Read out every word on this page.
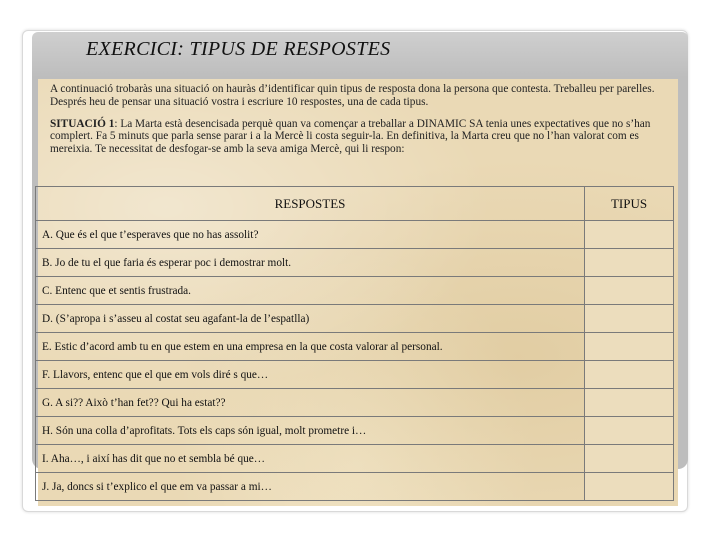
EXERCICI: TIPUS DE RESPOSTES

A continuació trobaràs una situació on hauràs d’identificar quin tipus de resposta dona la persona que contesta. Treballeu per parelles. Després heu de pensar una situació vostra i escriure 10 respostes, una de cada tipus.

SITUACIÓ 1: La Marta està desencisada perquè quan va començar a treballar a DINAMIC SA tenia unes expectatives que no s’han complert. Fa 5 minuts que parla sense parar i a la Mercè li costa seguir-la. En definitiva, la Marta creu que no l’han valorat com es mereixia. Te necessitat de desfogar-se amb la seva amiga Mercè, qui li respon:

RESPOSTES	TIPUS
A. Que és el que t’esperaves que no has assolit?	
B. Jo de tu el que faria és esperar poc i demostrar molt.	
C. Entenc que et sentis frustrada.	
D. (S’apropa i s’asseu al costat seu agafant-la de l’espatlla)	
E. Estic d’acord amb tu en que estem en una empresa en la que costa valorar al personal.	
F. Llavors, entenc que el que em vols diré s que…	
G. A si?? Això t’han fet?? Qui ha estat??	
H. Són una colla d’aprofitats. Tots els caps són igual, molt prometre i…	
I. Aha…, i així has dit que no et sembla bé que…	
J. Ja, doncs si t’explico el que em va passar a mi…	
